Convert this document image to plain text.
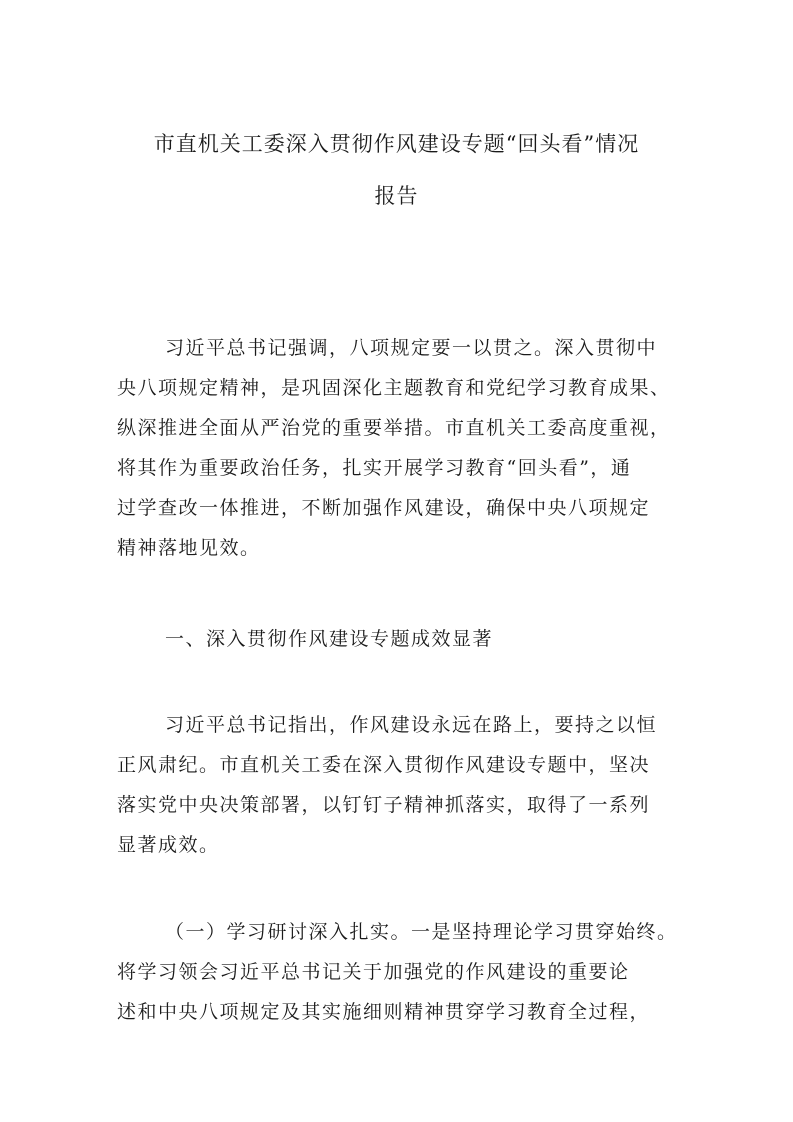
市直机关工委深入贯彻作风建设专题“回头看”情况
报告

习近平总书记强调，八项规定要一以贯之。深入贯彻中

央八项规定精神，是巩固深化主题教育和党纪学习教育成果、

纵深推进全面从严治党的重要举措。市直机关工委高度重视，

将其作为重要政治任务，扎实开展学习教育“回头看”，通

过学查改一体推进，不断加强作风建设，确保中央八项规定

精神落地见效。

一、深入贯彻作风建设专题成效显著

习近平总书记指出，作风建设永远在路上，要持之以恒

正风肃纪。市直机关工委在深入贯彻作风建设专题中，坚决

落实党中央决策部署，以钉钉子精神抓落实，取得了一系列

显著成效。

（一）学习研讨深入扎实。一是坚持理论学习贯穿始终。

将学习领会习近平总书记关于加强党的作风建设的重要论

述和中央八项规定及其实施细则精神贯穿学习教育全过程，
